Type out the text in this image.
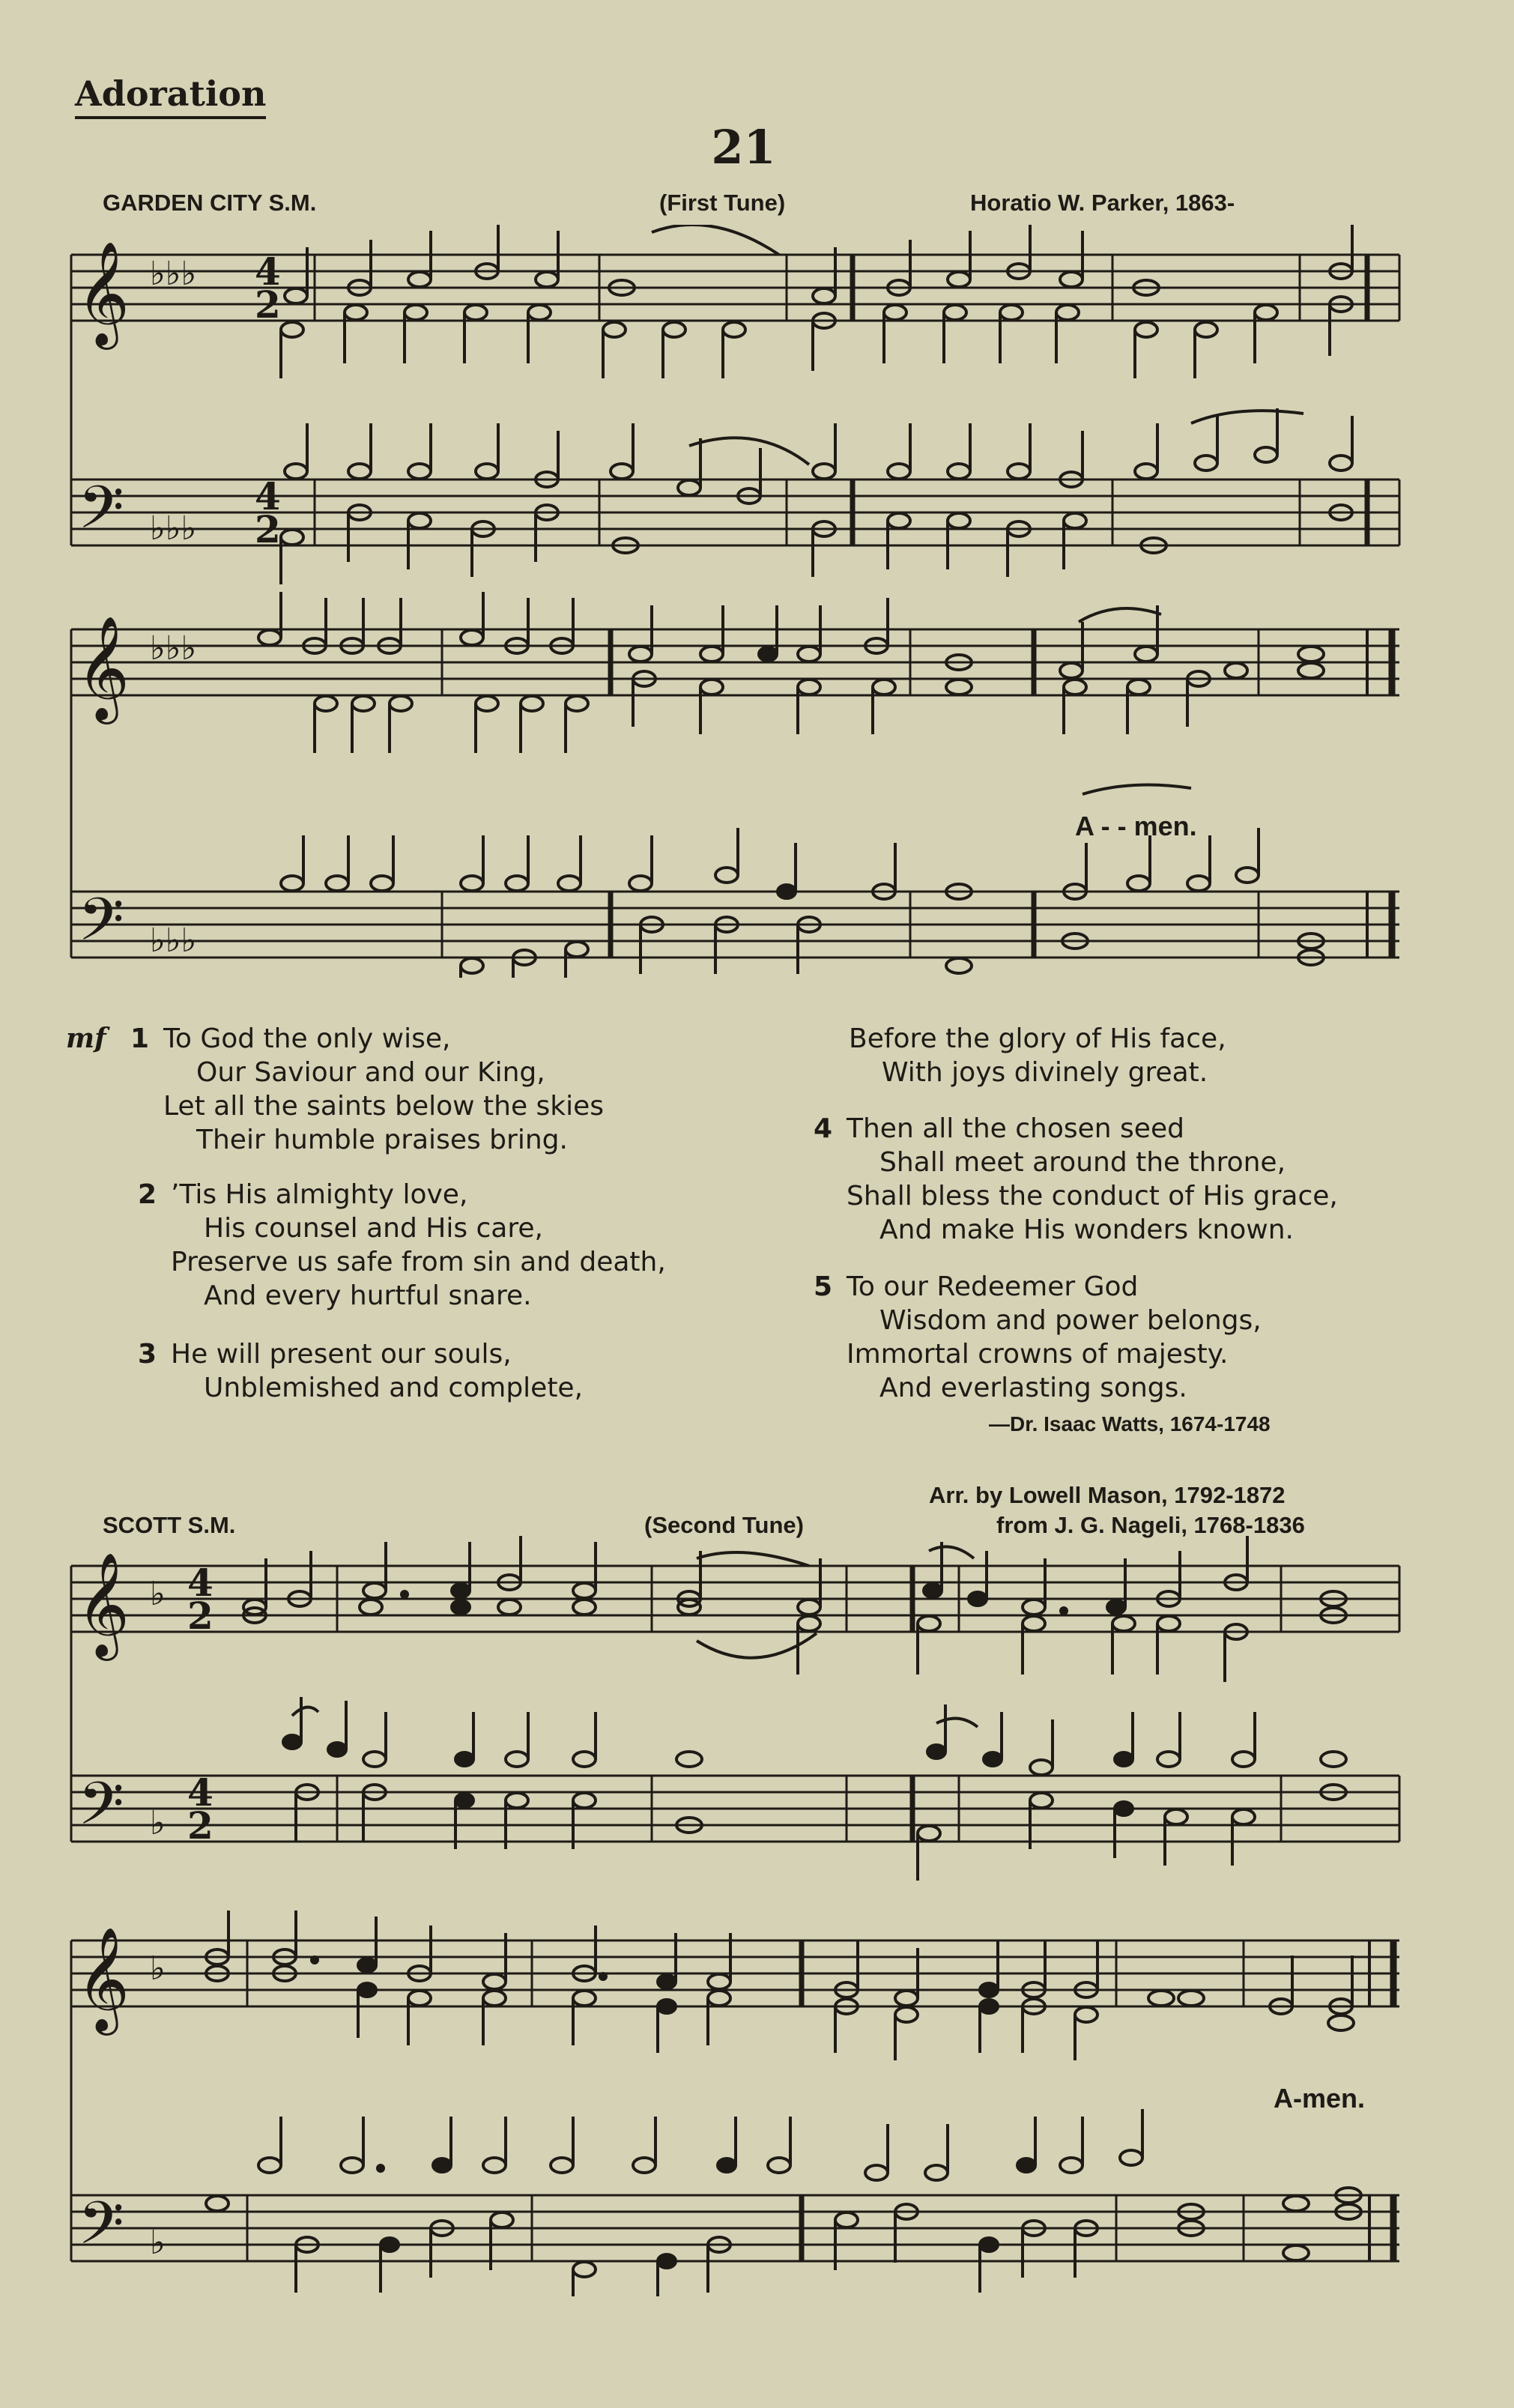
Adoration
21
GARDEN CITY S.M.	(First Tune)	Horatio W. Parker, 1863-
𝄞
𝄢
♭♭♭
♭♭♭
4
2
4
2
𝄞
𝄢
♭♭♭
♭♭♭
A - - men.
mf 1 To God the only wise,
Our Saviour and our King,
Let all the saints below the skies
Their humble praises bring.
2 ’Tis His almighty love,
His counsel and His care,
Preserve us safe from sin and death,
And every hurtful snare.
3 He will present our souls,
Unblemished and complete,
Before the glory of His face,
With joys divinely great.
4 Then all the chosen seed
Shall meet around the throne,
Shall bless the conduct of His grace,
And make His wonders known.
5 To our Redeemer God
Wisdom and power belongs,
Immortal crowns of majesty.
And everlasting songs.
—Dr. Isaac Watts, 1674-1748
Arr. by Lowell Mason, 1792-1872
SCOTT S.M.	(Second Tune)	from J. G. Nageli, 1768-1836
𝄞
𝄢
♭
♭
4
2
4
2
𝄞
𝄢
♭
♭
A-men.
